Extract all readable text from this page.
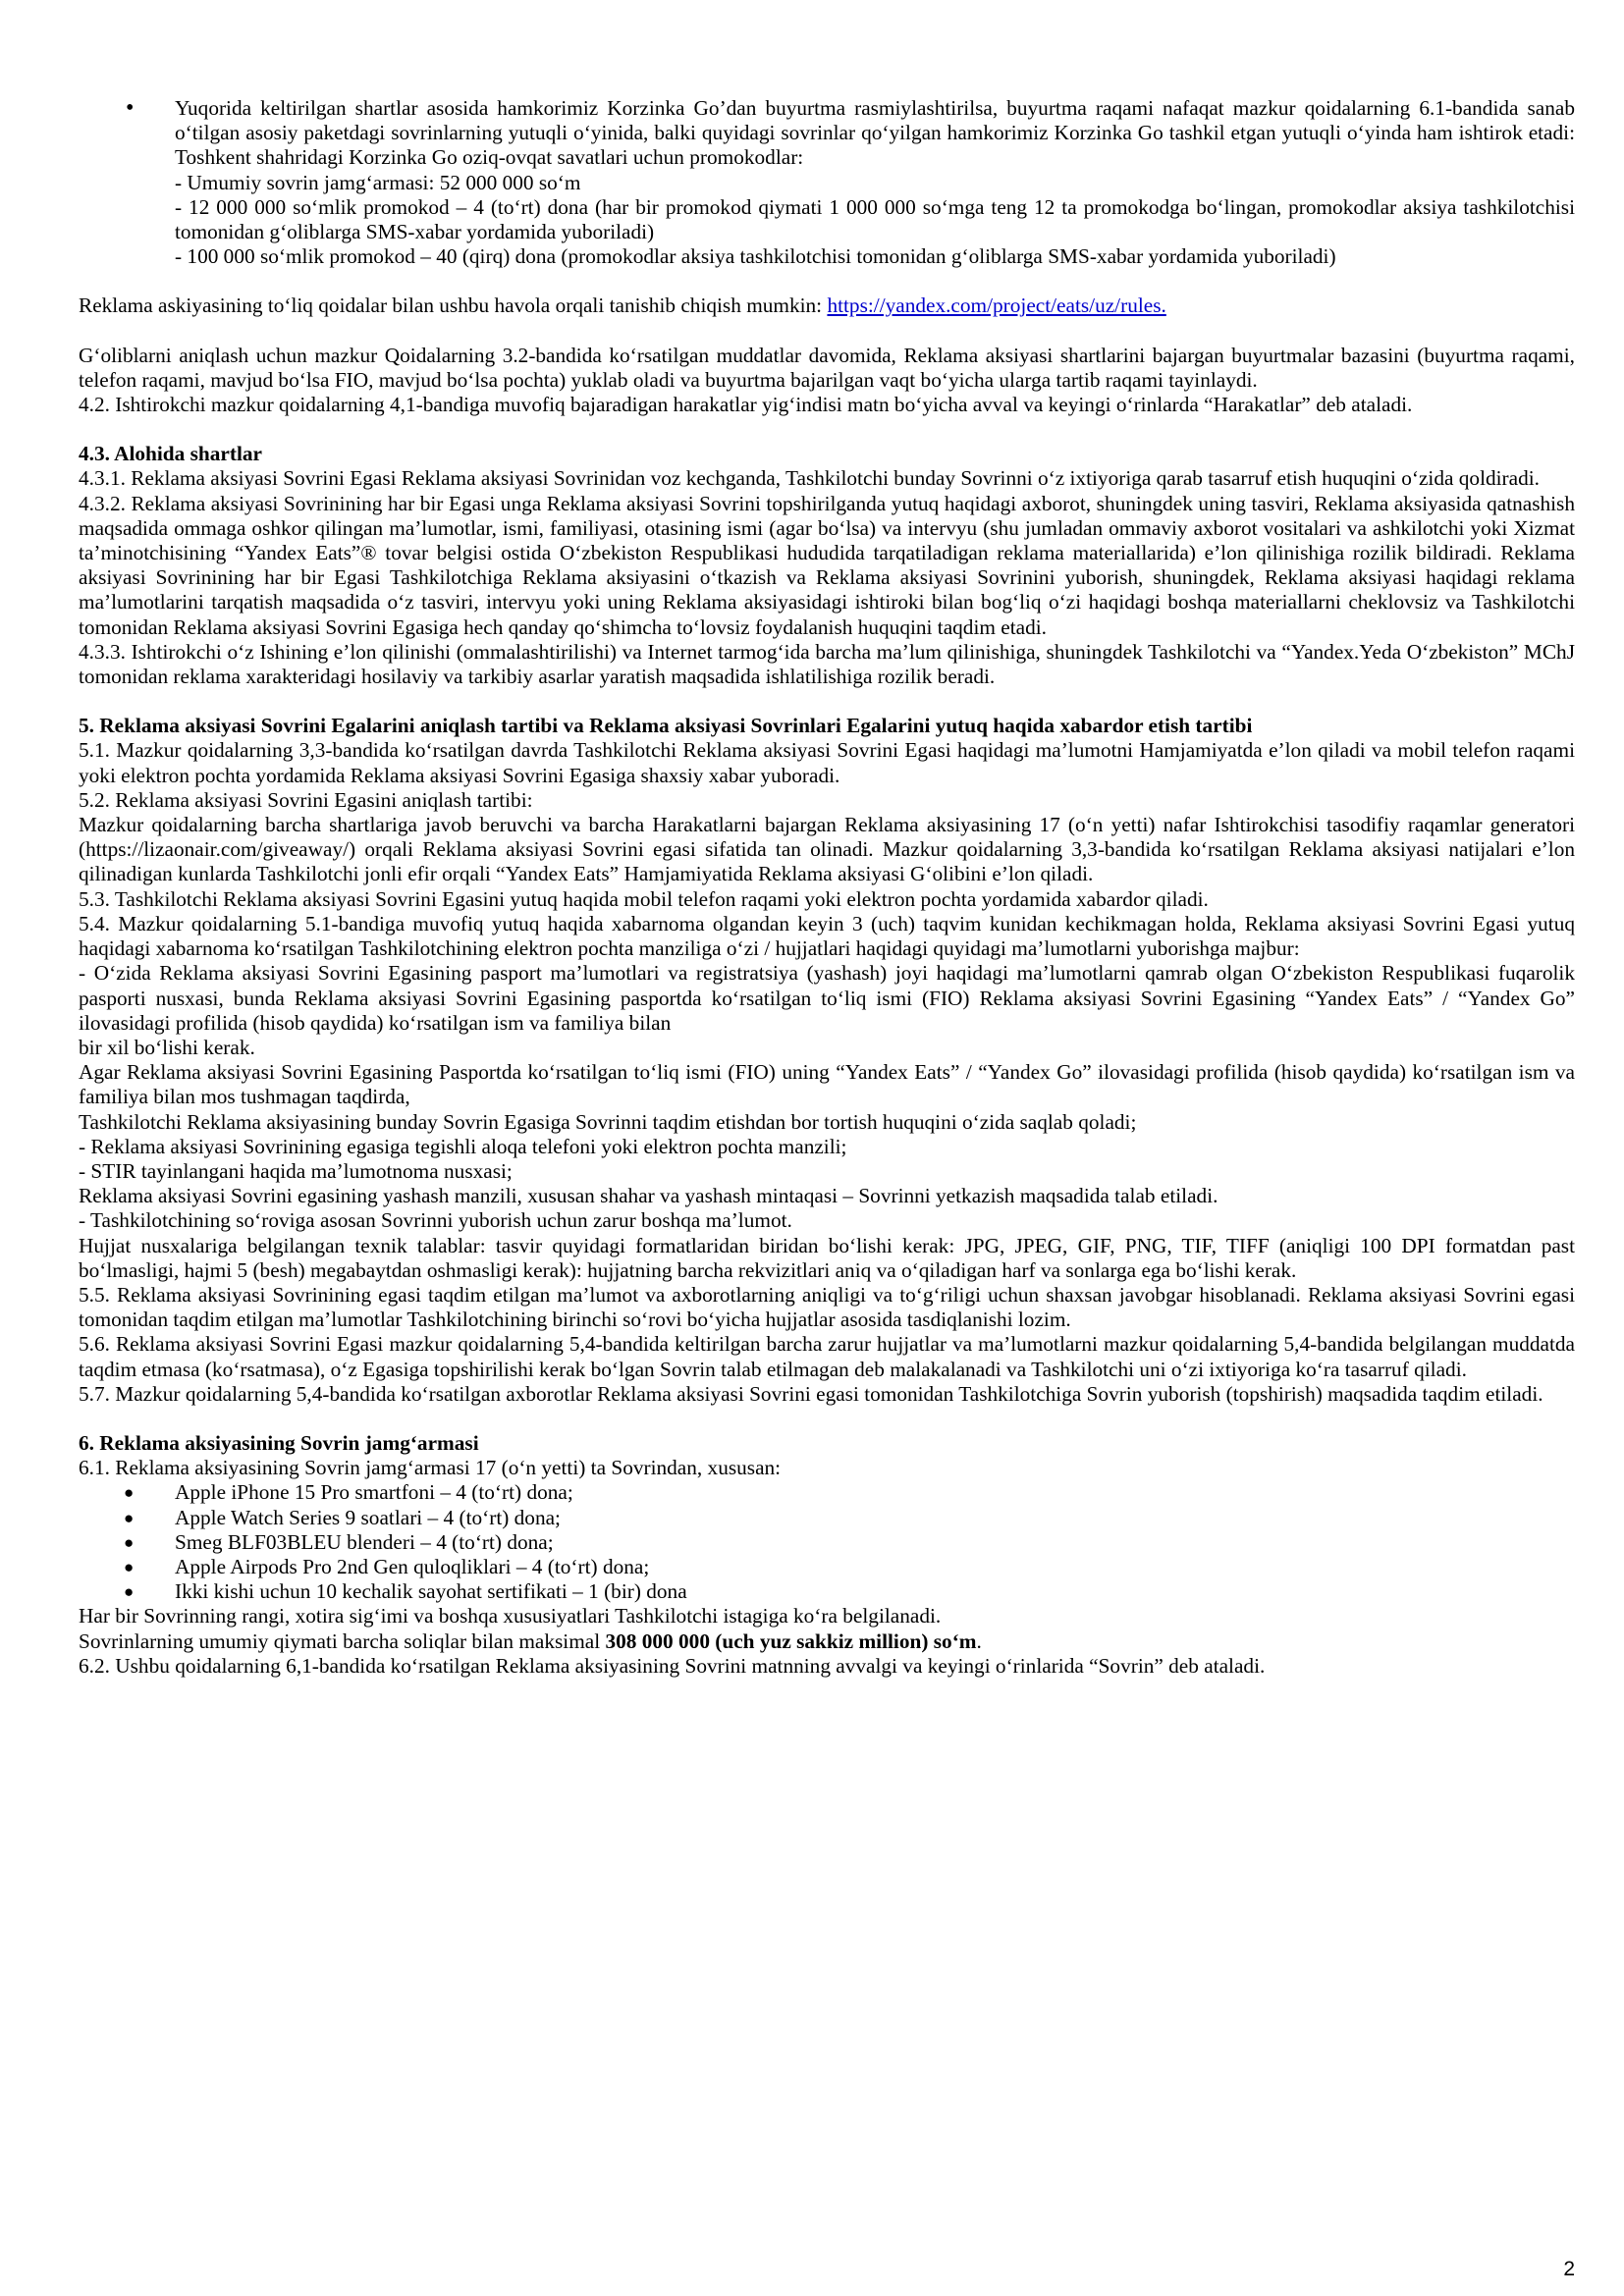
• Yuqorida keltirilgan shartlar asosida hamkorimiz Korzinka Go’dan buyurtma rasmiylashtirilsa, buyurtma raqami nafaqat mazkur qoidalarning 6.1-bandida sanab o‘tilgan asosiy paketdagi sovrinlarning yutuqli o‘yinida, balki quyidagi sovrinlar qo‘yilgan hamkorimiz Korzinka Go tashkil etgan yutuqli o‘yinda ham ishtirok etadi: Toshkent shahridagi Korzinka Go oziq-ovqat savatlari uchun promokodlar:

- Umumiy sovrin jamg‘armasi: 52 000 000 so‘m

- 12 000 000 so‘mlik promokod – 4 (to‘rt) dona (har bir promokod qiymati 1 000 000 so‘mga teng 12 ta promokodga bo‘lingan, promokodlar aksiya tashkilotchisi tomonidan g‘oliblarga SMS-xabar yordamida yuboriladi)

- 100 000 so‘mlik promokod – 40 (qirq) dona (promokodlar aksiya tashkilotchisi tomonidan g‘oliblarga SMS-xabar yordamida yuboriladi)

Reklama askiyasining to‘liq qoidalar bilan ushbu havola orqali tanishib chiqish mumkin: https://yandex.com/project/eats/uz/rules.

G‘oliblarni aniqlash uchun mazkur Qoidalarning 3.2-bandida ko‘rsatilgan muddatlar davomida, Reklama aksiyasi shartlarini bajargan buyurtmalar bazasini (buyurtma raqami, telefon raqami, mavjud bo‘lsa FIO, mavjud bo‘lsa pochta) yuklab oladi va buyurtma bajarilgan vaqt bo‘yicha ularga tartib raqami tayinlaydi.

4.2. Ishtirokchi mazkur qoidalarning 4,1-bandiga muvofiq bajaradigan harakatlar yig‘indisi matn bo‘yicha avval va keyingi o‘rinlarda “Harakatlar” deb ataladi.

4.3. Alohida shartlar

4.3.1. Reklama aksiyasi Sovrini Egasi Reklama aksiyasi Sovrinidan voz kechganda, Tashkilotchi bunday Sovrinni o‘z ixtiyoriga qarab tasarruf etish huquqini o‘zida qoldiradi.

4.3.2. Reklama aksiyasi Sovrinining har bir Egasi unga Reklama aksiyasi Sovrini topshirilganda yutuq haqidagi axborot, shuningdek uning tasviri, Reklama aksiyasida qatnashish maqsadida ommaga oshkor qilingan ma’lumotlar, ismi, familiyasi, otasining ismi (agar bo‘lsa) va intervyu (shu jumladan ommaviy axborot vositalari va ashkilotchi yoki Xizmat ta’minotchisining “Yandex Eats”® tovar belgisi ostida O‘zbekiston Respublikasi hududida tarqatiladigan reklama materiallarida) e’lon qilinishiga rozilik bildiradi. Reklama aksiyasi Sovrinining har bir Egasi Tashkilotchiga Reklama aksiyasini o‘tkazish va Reklama aksiyasi Sovrinini yuborish, shuningdek, Reklama aksiyasi haqidagi reklama ma’lumotlarini tarqatish maqsadida o‘z tasviri, intervyu yoki uning Reklama aksiyasidagi ishtiroki bilan bog‘liq o‘zi haqidagi boshqa materiallarni cheklovsiz va Tashkilotchi tomonidan Reklama aksiyasi Sovrini Egasiga hech qanday qo‘shimcha to‘lovsiz foydalanish huquqini taqdim etadi.

4.3.3. Ishtirokchi o‘z Ishining e’lon qilinishi (ommalashtirilishi) va Internet tarmog‘ida barcha ma’lum qilinishiga, shuningdek Tashkilotchi va “Yandex.Yeda O‘zbekiston” MChJ tomonidan reklama xarakteridagi hosilaviy va tarkibiy asarlar yaratish maqsadida ishlatilishiga rozilik beradi.

5. Reklama aksiyasi Sovrini Egalarini aniqlash tartibi va Reklama aksiyasi Sovrinlari Egalarini yutuq haqida xabardor etish tartibi

5.1. Mazkur qoidalarning 3,3-bandida ko‘rsatilgan davrda Tashkilotchi Reklama aksiyasi Sovrini Egasi haqidagi ma’lumotni Hamjamiyatda e’lon qiladi va mobil telefon raqami yoki elektron pochta yordamida Reklama aksiyasi Sovrini Egasiga shaxsiy xabar yuboradi.

5.2. Reklama aksiyasi Sovrini Egasini aniqlash tartibi:

Mazkur qoidalarning barcha shartlariga javob beruvchi va barcha Harakatlarni bajargan Reklama aksiyasining 17 (o‘n yetti) nafar Ishtirokchisi tasodifiy raqamlar generatori (https://lizaonair.com/giveaway/) orqali Reklama aksiyasi Sovrini egasi sifatida tan olinadi. Mazkur qoidalarning 3,3-bandida ko‘rsatilgan Reklama aksiyasi natijalari e’lon qilinadigan kunlarda Tashkilotchi jonli efir orqali “Yandex Eats” Hamjamiyatida Reklama aksiyasi G‘olibini e’lon qiladi.

5.3. Tashkilotchi Reklama aksiyasi Sovrini Egasini yutuq haqida mobil telefon raqami yoki elektron pochta yordamida xabardor qiladi.

5.4. Mazkur qoidalarning 5.1-bandiga muvofiq yutuq haqida xabarnoma olgandan keyin 3 (uch) taqvim kunidan kechikmagan holda, Reklama aksiyasi Sovrini Egasi yutuq haqidagi xabarnoma ko‘rsatilgan Tashkilotchining elektron pochta manziliga o‘zi / hujjatlari haqidagi quyidagi ma’lumotlarni yuborishga majbur:

- O‘zida Reklama aksiyasi Sovrini Egasining pasport ma’lumotlari va registratsiya (yashash) joyi haqidagi ma’lumotlarni qamrab olgan O‘zbekiston Respublikasi fuqarolik pasporti nusxasi, bunda Reklama aksiyasi Sovrini Egasining pasportda ko‘rsatilgan to‘liq ismi (FIO) Reklama aksiyasi Sovrini Egasining “Yandex Eats” / “Yandex Go” ilovasidagi profilida (hisob qaydida) ko‘rsatilgan ism va familiya bilan

bir xil bo‘lishi kerak.

Agar Reklama aksiyasi Sovrini Egasining Pasportda ko‘rsatilgan to‘liq ismi (FIO) uning “Yandex Eats” / “Yandex Go” ilovasidagi profilida (hisob qaydida) ko‘rsatilgan ism va familiya bilan mos tushmagan taqdirda,

Tashkilotchi Reklama aksiyasining bunday Sovrin Egasiga Sovrinni taqdim etishdan bor tortish huquqini o‘zida saqlab qoladi;

- Reklama aksiyasi Sovrinining egasiga tegishli aloqa telefoni yoki elektron pochta manzili;

- STIR tayinlangani haqida ma’lumotnoma nusxasi;

Reklama aksiyasi Sovrini egasining yashash manzili, xususan shahar va yashash mintaqasi – Sovrinni yetkazish maqsadida talab etiladi.

- Tashkilotchining so‘roviga asosan Sovrinni yuborish uchun zarur boshqa ma’lumot.

Hujjat nusxalariga belgilangan texnik talablar: tasvir quyidagi formatlaridan biridan bo‘lishi kerak: JPG, JPEG, GIF, PNG, TIF, TIFF (aniqligi 100 DPI formatdan past bo‘lmasligi, hajmi 5 (besh) megabaytdan oshmasligi kerak): hujjatning barcha rekvizitlari aniq va o‘qiladigan harf va sonlarga ega bo‘lishi kerak.

5.5. Reklama aksiyasi Sovrinining egasi taqdim etilgan ma’lumot va axborotlarning aniqligi va to‘g‘riligi uchun shaxsan javobgar hisoblanadi. Reklama aksiyasi Sovrini egasi tomonidan taqdim etilgan ma’lumotlar Tashkilotchining birinchi so‘rovi bo‘yicha hujjatlar asosida tasdiqlanishi lozim.

5.6. Reklama aksiyasi Sovrini Egasi mazkur qoidalarning 5,4-bandida keltirilgan barcha zarur hujjatlar va ma’lumotlarni mazkur qoidalarning 5,4-bandida belgilangan muddatda taqdim etmasa (ko‘rsatmasa), o‘z Egasiga topshirilishi kerak bo‘lgan Sovrin talab etilmagan deb malakalanadi va Tashkilotchi uni o‘zi ixtiyoriga ko‘ra tasarruf qiladi.

5.7. Mazkur qoidalarning 5,4-bandida ko‘rsatilgan axborotlar Reklama aksiyasi Sovrini egasi tomonidan Tashkilotchiga Sovrin yuborish (topshirish) maqsadida taqdim etiladi.

6. Reklama aksiyasining Sovrin jamg‘armasi

6.1. Reklama aksiyasining Sovrin jamg‘armasi 17 (o‘n yetti) ta Sovrindan, xususan:

● Apple iPhone 15 Pro smartfoni – 4 (to‘rt) dona;

● Apple Watch Series 9 soatlari – 4 (to‘rt) dona;

● Smeg BLF03BLEU blenderi – 4 (to‘rt) dona;

● Apple Airpods Pro 2nd Gen quloqliklari – 4 (to‘rt) dona;

● Ikki kishi uchun 10 kechalik sayohat sertifikati – 1 (bir) dona

Har bir Sovrinning rangi, xotira sig‘imi va boshqa xususiyatlari Tashkilotchi istagiga ko‘ra belgilanadi.

Sovrinlarning umumiy qiymati barcha soliqlar bilan maksimal 308 000 000 (uch yuz sakkiz million) so‘m.

6.2. Ushbu qoidalarning 6,1-bandida ko‘rsatilgan Reklama aksiyasining Sovrini matnning avvalgi va keyingi o‘rinlarida “Sovrin” deb ataladi.

2
